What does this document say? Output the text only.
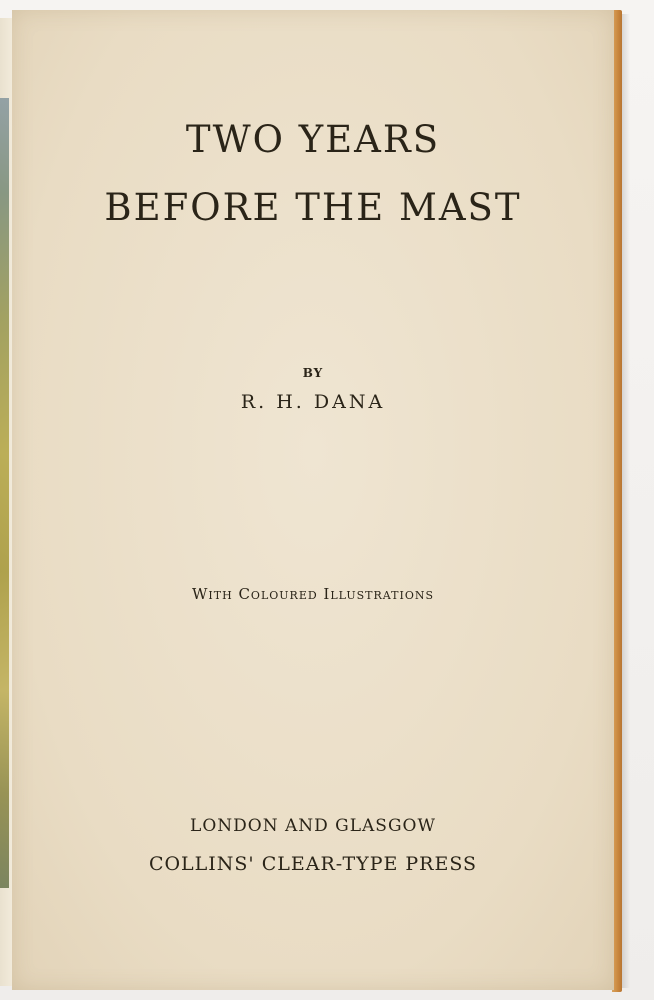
TWO YEARS
BEFORE THE MAST
BY
R. H. DANA
With Coloured Illustrations
LONDON AND GLASGOW
COLLINS' CLEAR-TYPE PRESS
